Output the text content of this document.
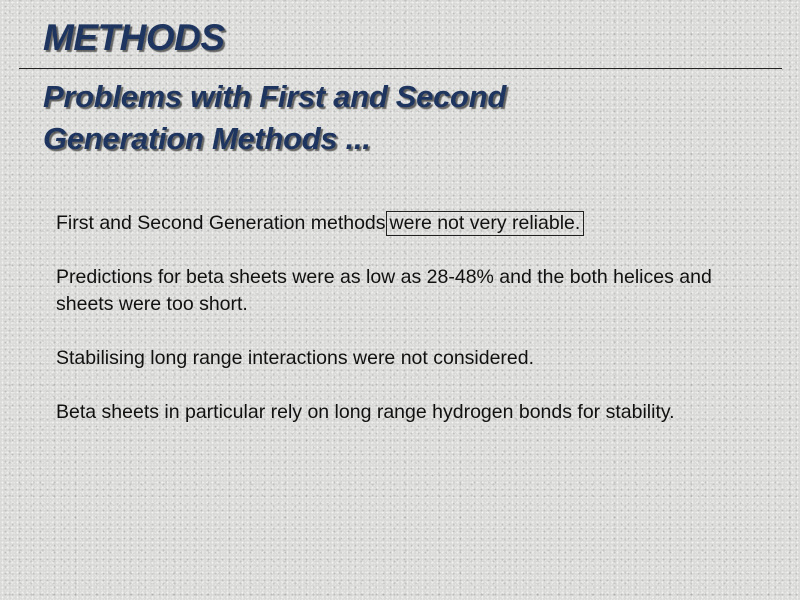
METHODS
Problems with First and Second
Generation Methods ...

First and Second Generation methods were not very reliable.

Predictions for beta sheets were as low as 28-48% and the both helices and sheets were too short.

Stabilising long range interactions were not considered.

Beta sheets in particular rely on long range hydrogen bonds for stability.
